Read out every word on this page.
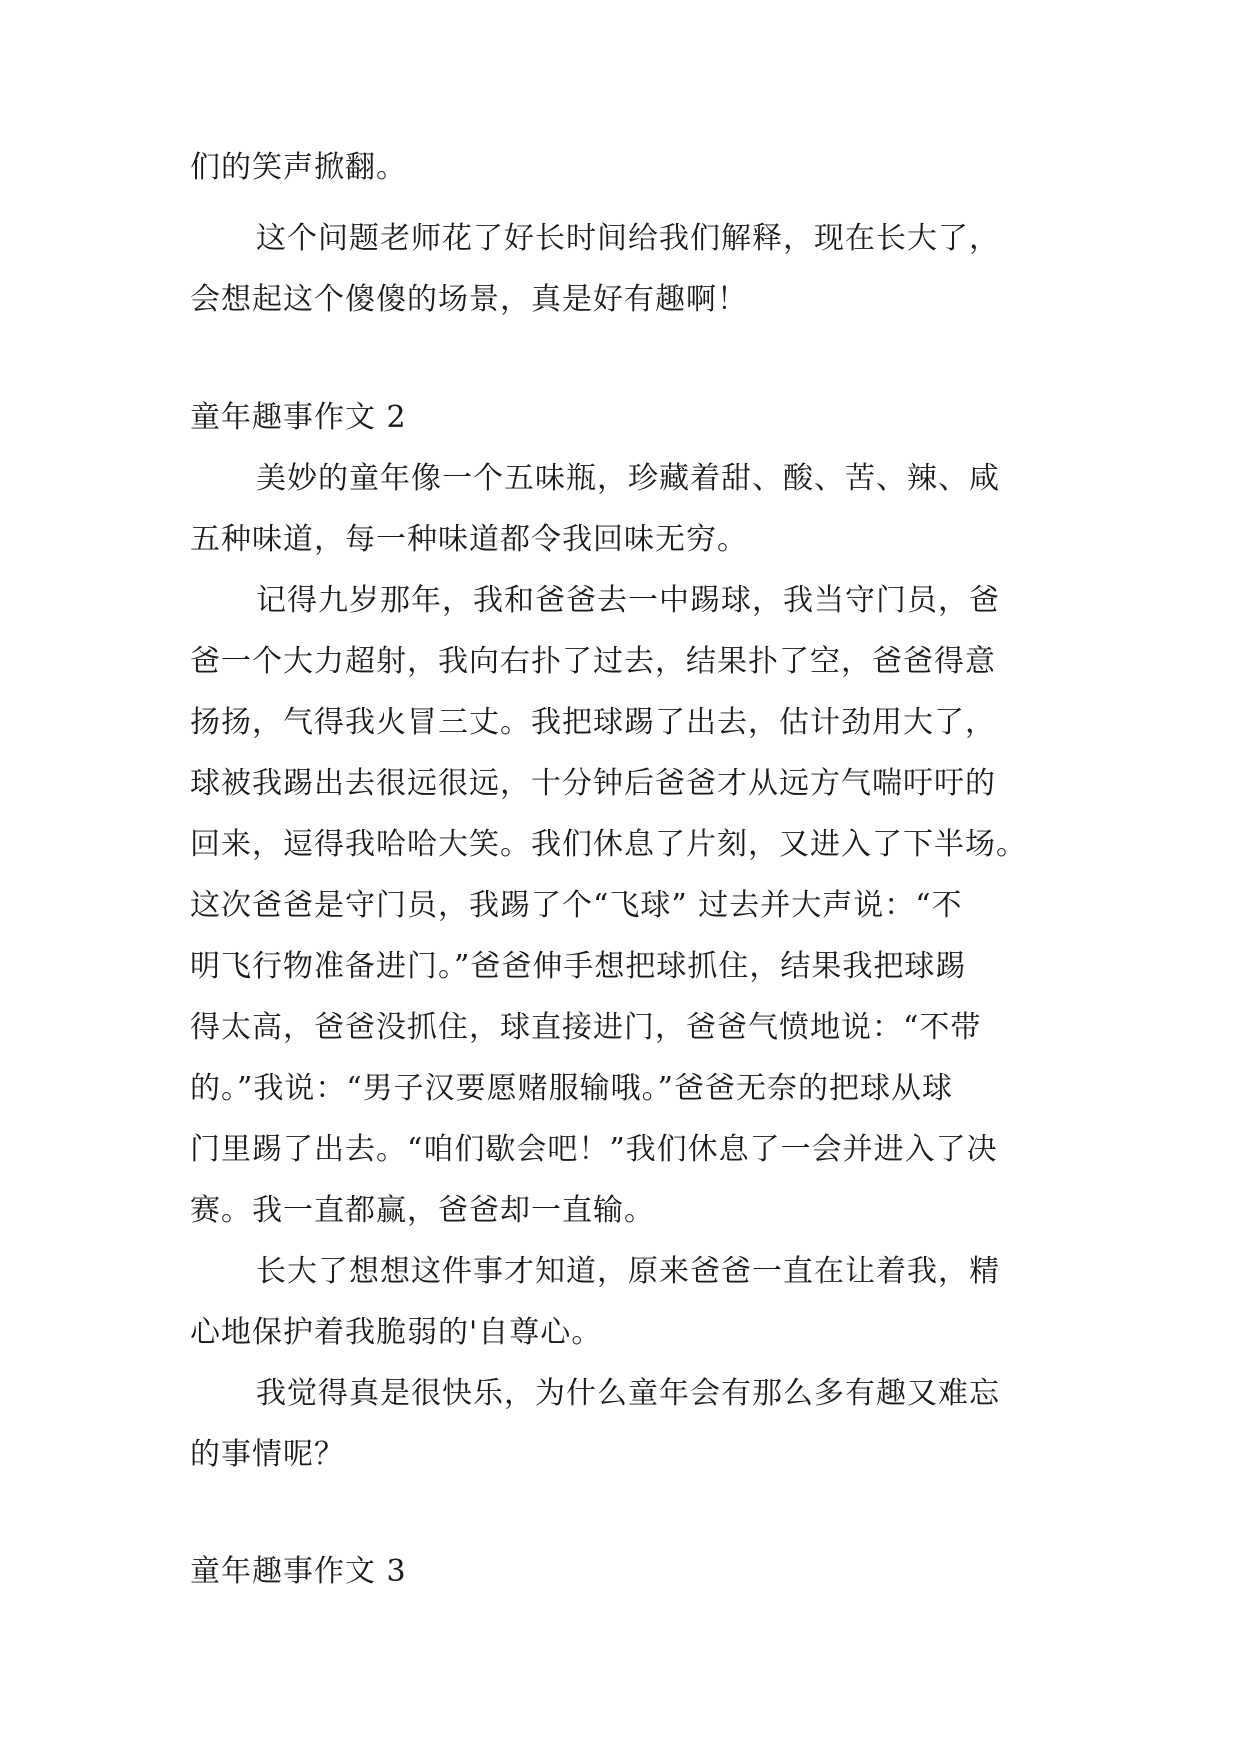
们的笑声掀翻。
这个问题老师花了好长时间给我们解释，现在长大了，
会想起这个傻傻的场景，真是好有趣啊！
童年趣事作文 2
美妙的童年像一个五味瓶，珍藏着甜、酸、苦、辣、咸
五种味道，每一种味道都令我回味无穷。
记得九岁那年，我和爸爸去一中踢球，我当守门员，爸
爸一个大力超射，我向右扑了过去，结果扑了空，爸爸得意
扬扬，气得我火冒三丈。我把球踢了出去，估计劲用大了，
球被我踢出去很远很远，十分钟后爸爸才从远方气喘吁吁的
回来，逗得我哈哈大笑。我们休息了片刻，又进入了下半场。
这次爸爸是守门员，我踢了个“飞球” 过去并大声说：“不
明飞行物准备进门。”爸爸伸手想把球抓住，结果我把球踢
得太高，爸爸没抓住，球直接进门，爸爸气愤地说：“不带
的。”我说：“男子汉要愿赌服输哦。”爸爸无奈的把球从球
门里踢了出去。“咱们歇会吧！”我们休息了一会并进入了决
赛。我一直都赢，爸爸却一直输。
长大了想想这件事才知道，原来爸爸一直在让着我，精
心地保护着我脆弱的'自尊心。
我觉得真是很快乐，为什么童年会有那么多有趣又难忘
的事情呢？
童年趣事作文 3
